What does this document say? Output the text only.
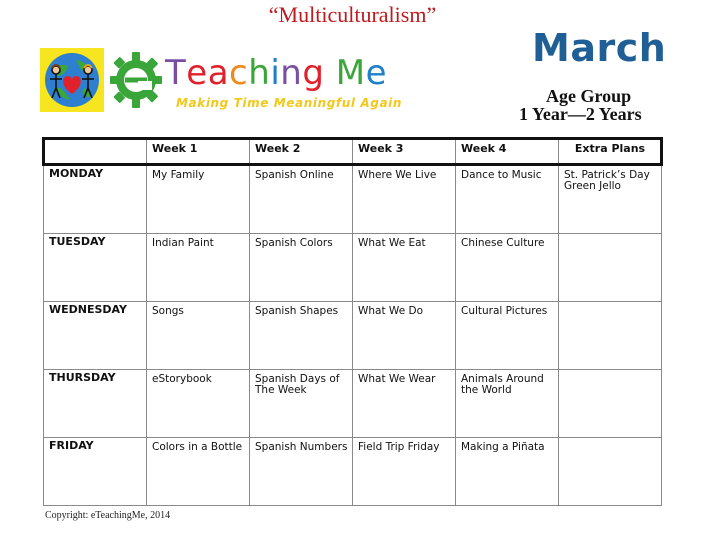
“Multiculturalism”
Teaching Me
Making Time Meaningful Again
March
Age Group
1 Year—2 Years
	Week 1	Week 2	Week 3	Week 4	Extra Plans
MONDAY	My Family	Spanish Online	Where We Live	Dance to Music	St. Patrick’s Day Green Jello
TUESDAY	Indian Paint	Spanish Colors	What We Eat	Chinese Culture	
WEDNESDAY	Songs	Spanish Shapes	What We Do	Cultural Pictures	
THURSDAY	eStorybook	Spanish Days of The Week	What We Wear	Animals Around the World	
FRIDAY	Colors in a Bottle	Spanish Numbers	Field Trip Friday	Making a Piñata	
Copyright: eTeachingMe, 2014
